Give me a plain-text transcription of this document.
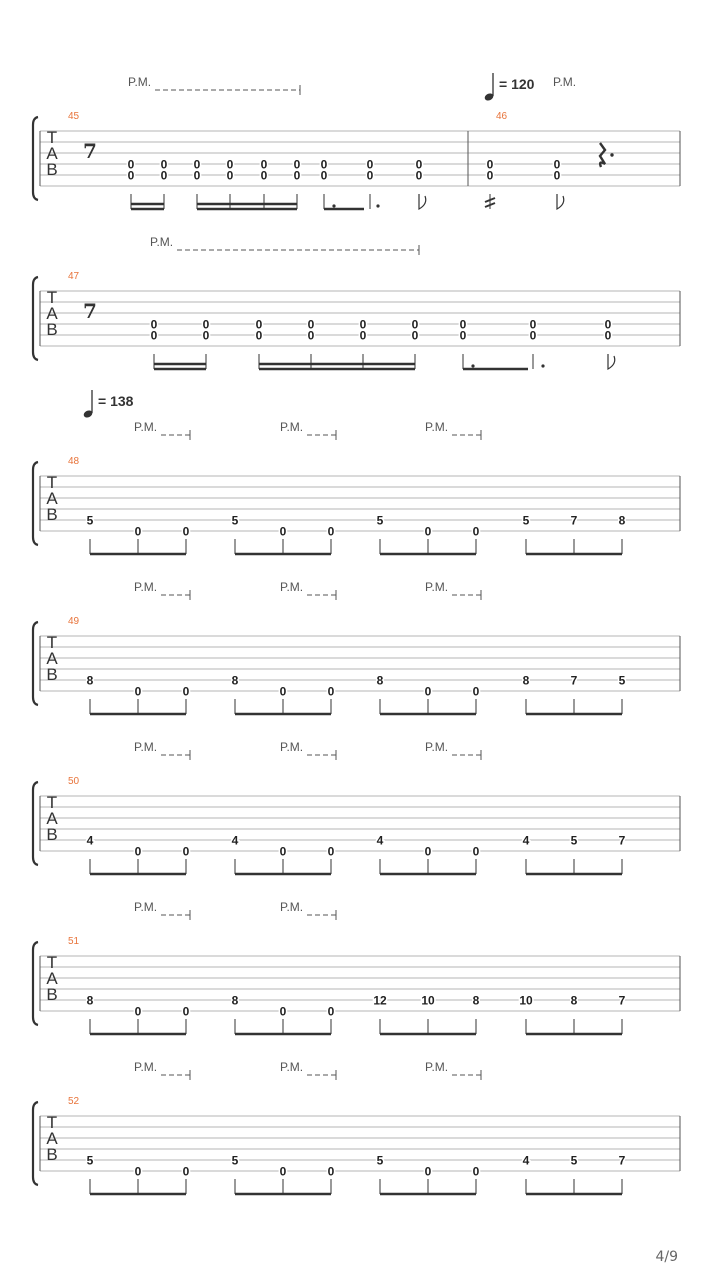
T
A
B
P.M.	P.M.
45
7
0
0
0
0
0
0
0
0
0
0
0
0
0
0
0
0
0
0
46
= 120
0
0
0
0
T
A
B
P.M.
47
7
0
0
0
0
0
0
0
0
0
0
0
0
0
0
0
0
0
0
T
A
B
= 138
P.M.	P.M.	P.M.
48
5
0	0
5
0	0
5
0	0
5	7	8
T
A
B
P.M.	P.M.	P.M.
49
8
0	0
8
0	0
8
0	0
8	7	5
T
A
B
P.M.	P.M.	P.M.
50
4
0	0
4
0	0
4
0	0
4	5	7
T
A
B
P.M.	P.M.
51
8
0	0
8
0	0
12	10	8	10	8	7
T
A
B
P.M.	P.M.	P.M.
52
5
0	0
5
0	0
5
0	0
4	5	7
4/9
